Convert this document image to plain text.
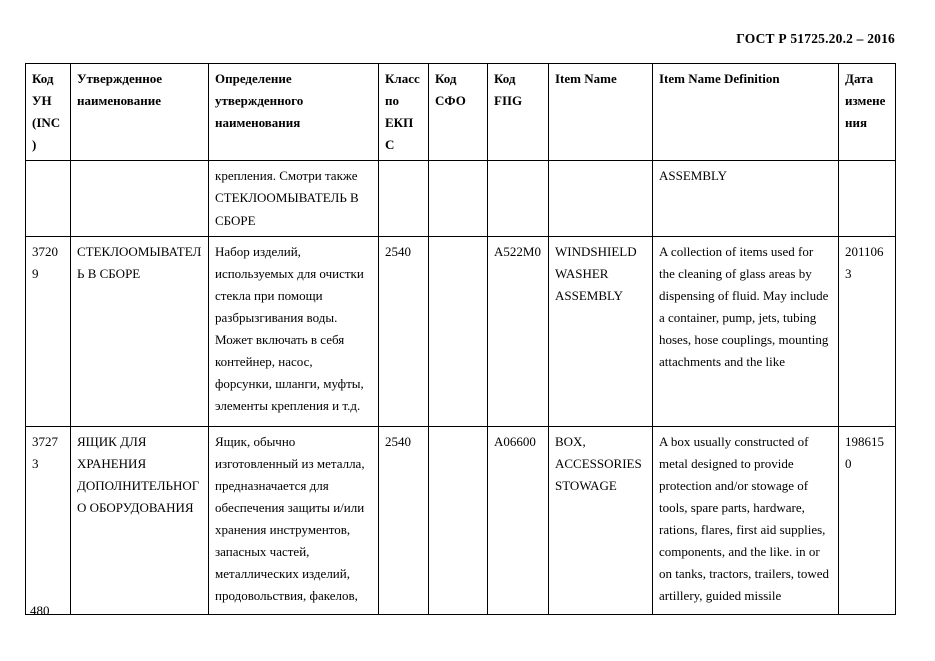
ГОСТ Р 51725.20.2 – 2016
Код УН (INC)	Утвержденное наименование	Определение утвержденного наименования	Класс по ЕКПС	Код СФО	Код FIIG	Item Name	Item Name Definition	Дата изменения
		крепления. Смотри также СТЕКЛООМЫВАТЕЛЬ В СБОРЕ					ASSEMBLY	
37209	СТЕКЛООМЫВАТЕЛЬ В СБОРЕ	Набор изделий, используемых для очистки стекла при помощи разбрызгивания воды. Может включать в себя контейнер, насос, форсунки, шланги, муфты, элементы крепления и т.д.	2540		A522M0	WINDSHIELD WASHER ASSEMBLY	A collection of items used for the cleaning of glass areas by dispensing of fluid. May include a container, pump, jets, tubing hoses, hose couplings, mounting attachments and the like	2011063
37273	ЯЩИК ДЛЯ ХРАНЕНИЯ ДОПОЛНИТЕЛЬНОГО ОБОРУДОВАНИЯ	Ящик, обычно изготовленный из металла, предназначается для обеспечения защиты и/или хранения инструментов, запасных частей, металлических изделий, продовольствия, факелов,	2540		A06600	BOX, ACCESSORIES STOWAGE	A box usually constructed of metal designed to provide protection and/or stowage of tools, spare parts, hardware, rations, flares, first aid supplies, components, and the like. in or on tanks, tractors, trailers, towed artillery, guided missile	1986150
480
